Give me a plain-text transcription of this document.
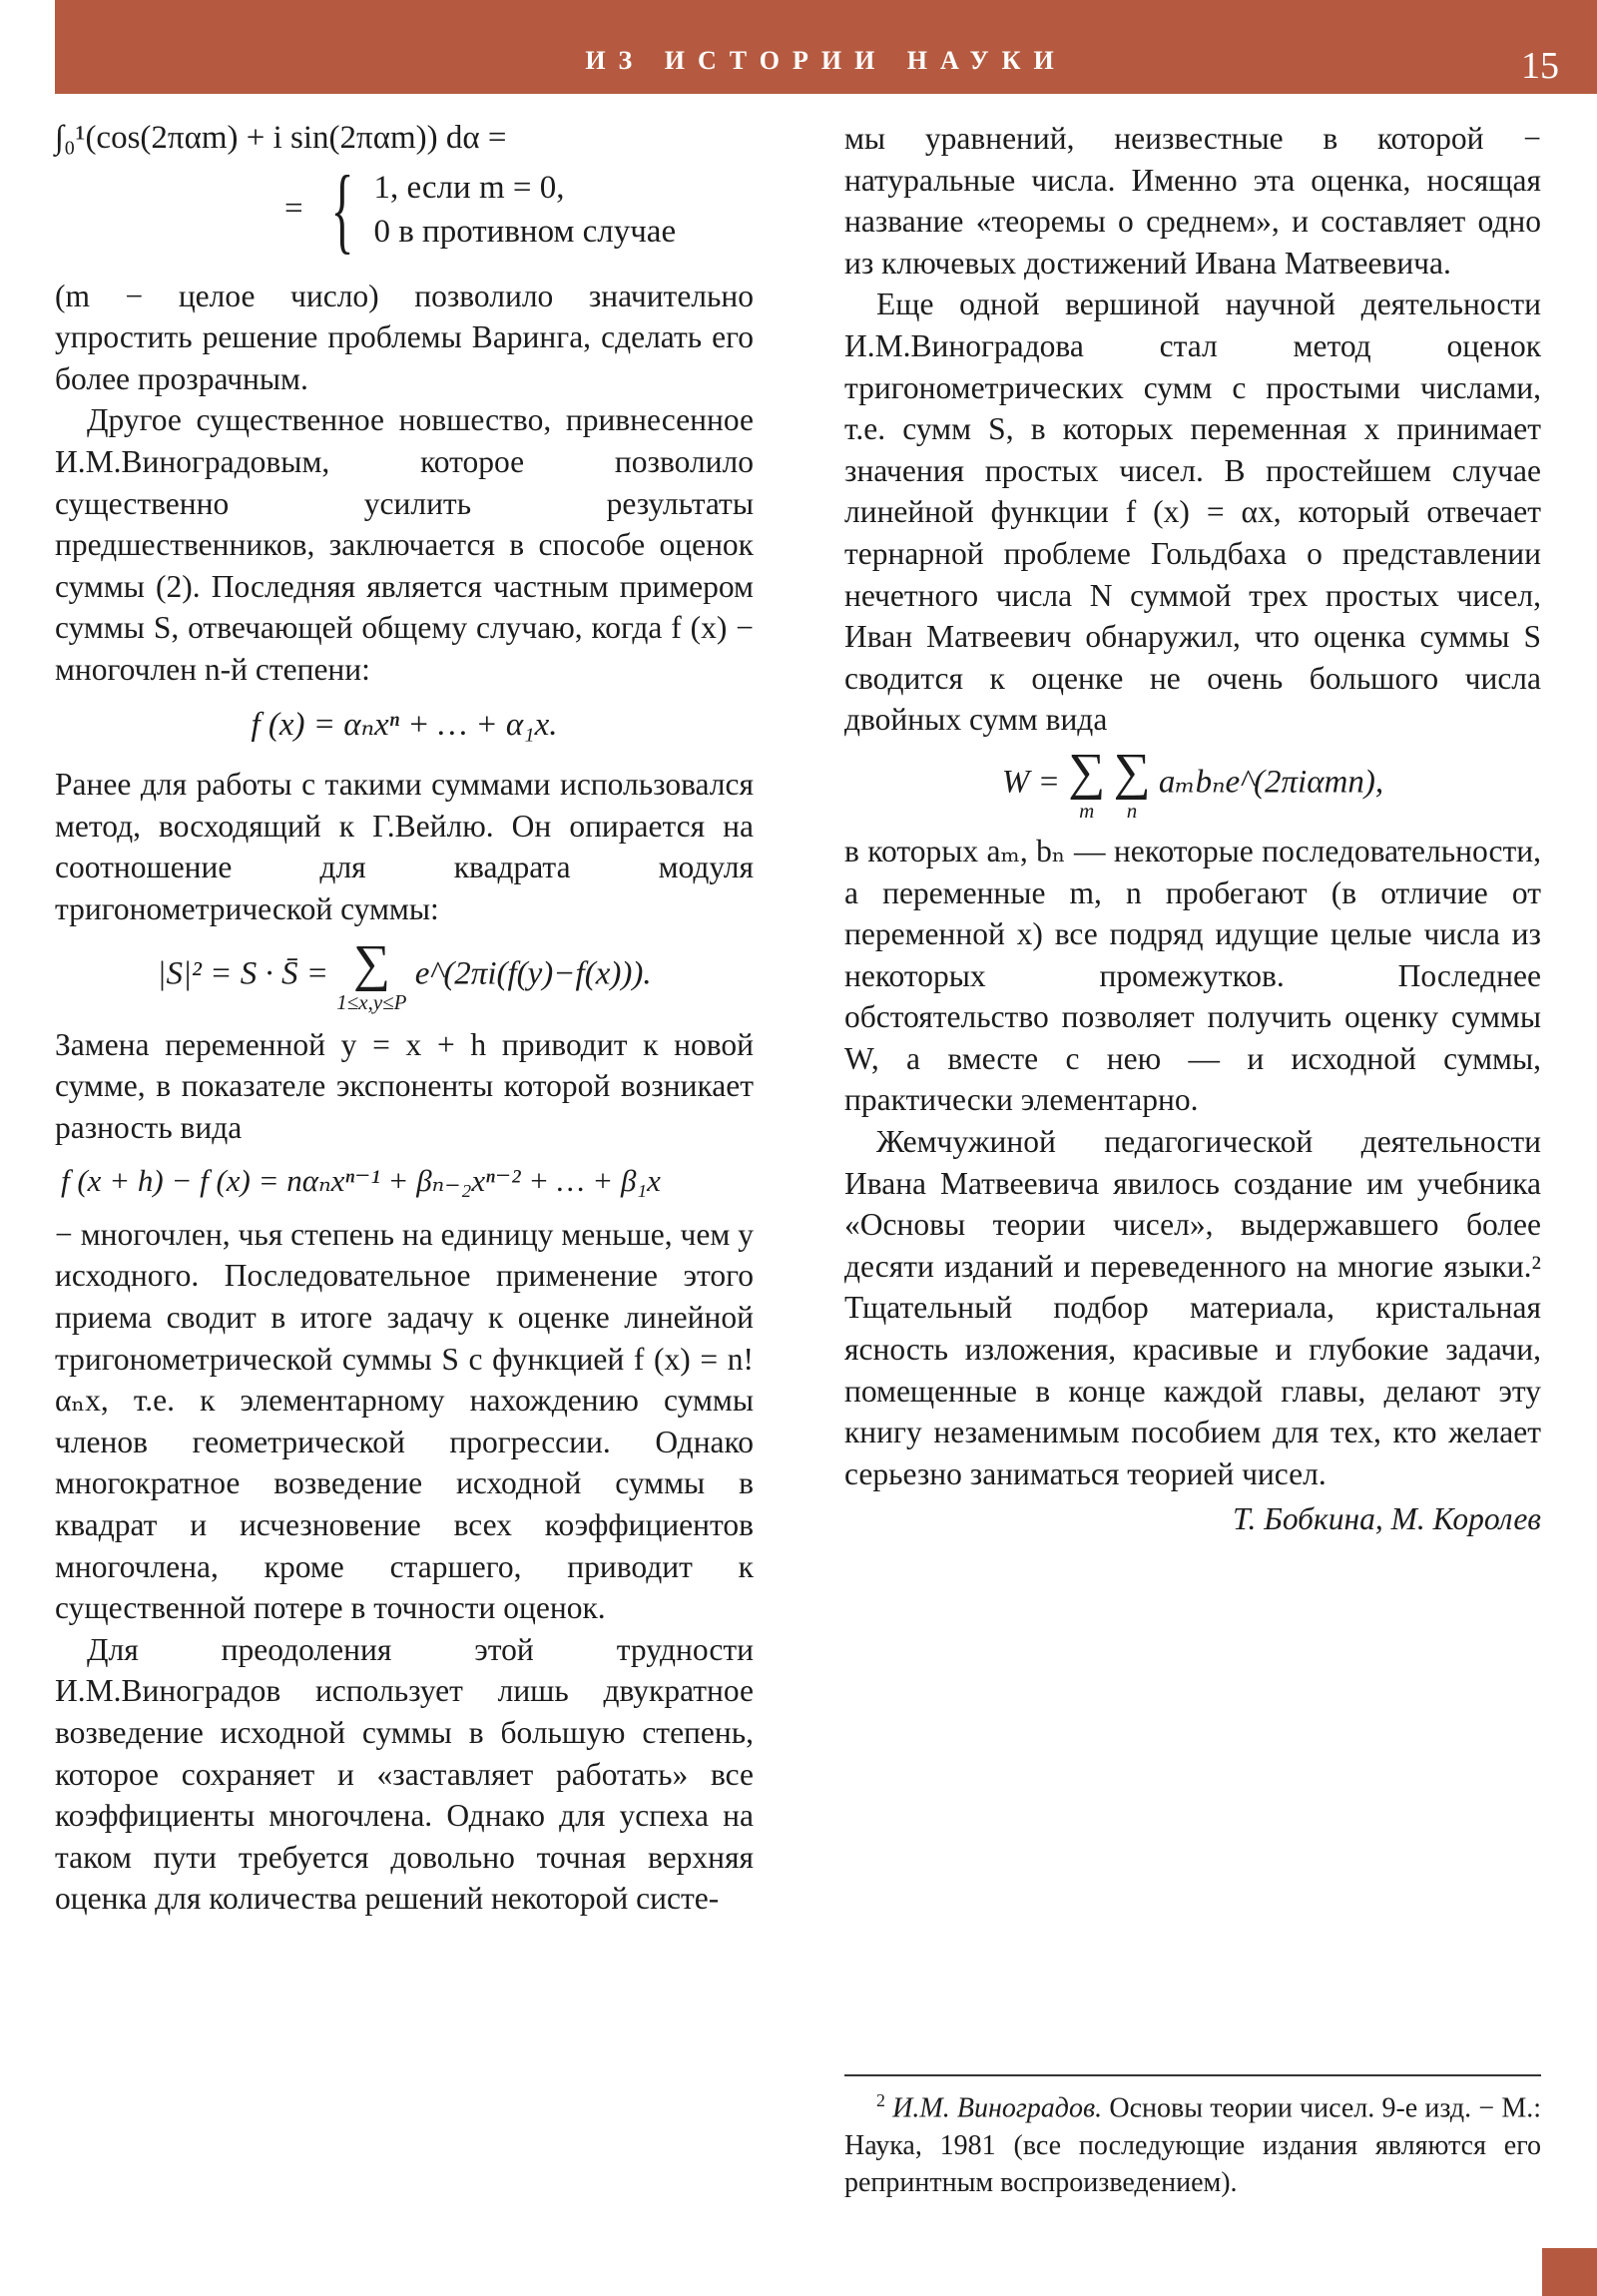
ИЗ ИСТОРИИ НАУКИ	15
∫₀¹(cos(2παm) + i sin(2παm)) dα =
=  { 1, если m = 0,
0 в противном случае

(m − целое число) позволило значительно упростить решение проблемы Варинга, сделать его более прозрачным.

Другое существенное новшество, привнесенное И.М.Виноградовым, которое позволило существенно усилить результаты предшественников, заключается в способе оценок суммы (2). Последняя является частным примером суммы S, отвечающей общему случаю, когда f (x) − многочлен n-й степени:

f (x) = αₙxⁿ + … + α₁x.

Ранее для работы с такими суммами использовался метод, восходящий к Г.Вейлю. Он опирается на соотношение для квадрата модуля тригонометрической суммы:

|S|² = S · S̄ = ∑
1≤x,y≤P
e^(2πi(f(y)−f(x))).

Замена переменной y = x + h приводит к новой сумме, в показателе экспоненты которой возникает разность вида

f (x + h) − f (x) = nαₙxⁿ⁻¹ + βₙ₋₂xⁿ⁻² + … + β₁x

− многочлен, чья степень на единицу меньше, чем у исходного. Последовательное применение этого приема сводит в итоге задачу к оценке линейной тригонометрической суммы S с функцией f (x) = n!αₙx, т.е. к элементарному нахождению суммы членов геометрической прогрессии. Однако многократное возведение исходной суммы в квадрат и исчезновение всех коэффициентов многочлена, кроме старшего, приводит к существенной потере в точности оценок.

Для преодоления этой трудности И.М.Виноградов использует лишь двукратное возведение исходной суммы в большую степень, которое сохраняет и «заставляет работать» все коэффициенты многочлена. Однако для успеха на таком пути требуется довольно точная верхняя оценка для количества решений некоторой систе-

мы уравнений, неизвестные в которой − натуральные числа. Именно эта оценка, носящая название «теоремы о среднем», и составляет одно из ключевых достижений Ивана Матвеевича.

Еще одной вершиной научной деятельности И.М.Виноградова стал метод оценок тригонометрических сумм с простыми числами, т.е. сумм S, в которых переменная x принимает значения простых чисел. В простейшем случае линейной функции f (x) = αx, который отвечает тернарной проблеме Гольдбаха о представлении нечетного числа N суммой трех простых чисел, Иван Матвеевич обнаружил, что оценка суммы S сводится к оценке не очень большого числа двойных сумм вида

W = ∑
m

∑
n
aₘbₙe^(2πiαmn),

в которых aₘ, bₙ — некоторые последовательности, а переменные m, n пробегают (в отличие от переменной x) все подряд идущие целые числа из некоторых промежутков. Последнее обстоятельство позволяет получить оценку суммы W, а вместе с нею — и исходной суммы, практически элементарно.

Жемчужиной педагогической деятельности Ивана Матвеевича явилось создание им учебника «Основы теории чисел», выдержавшего более десяти изданий и переведенного на многие языки.² Тщательный подбор материала, кристальная ясность изложения, красивые и глубокие задачи, помещенные в конце каждой главы, делают эту книгу незаменимым пособием для тех, кто желает серьезно заниматься теорией чисел.

Т. Бобкина, М. Королев
$^2$ И.М. Виноградов. Основы теории чисел. 9-е изд. − М.: Наука, 1981 (все последующие издания являются его репринтным воспроизведением).
